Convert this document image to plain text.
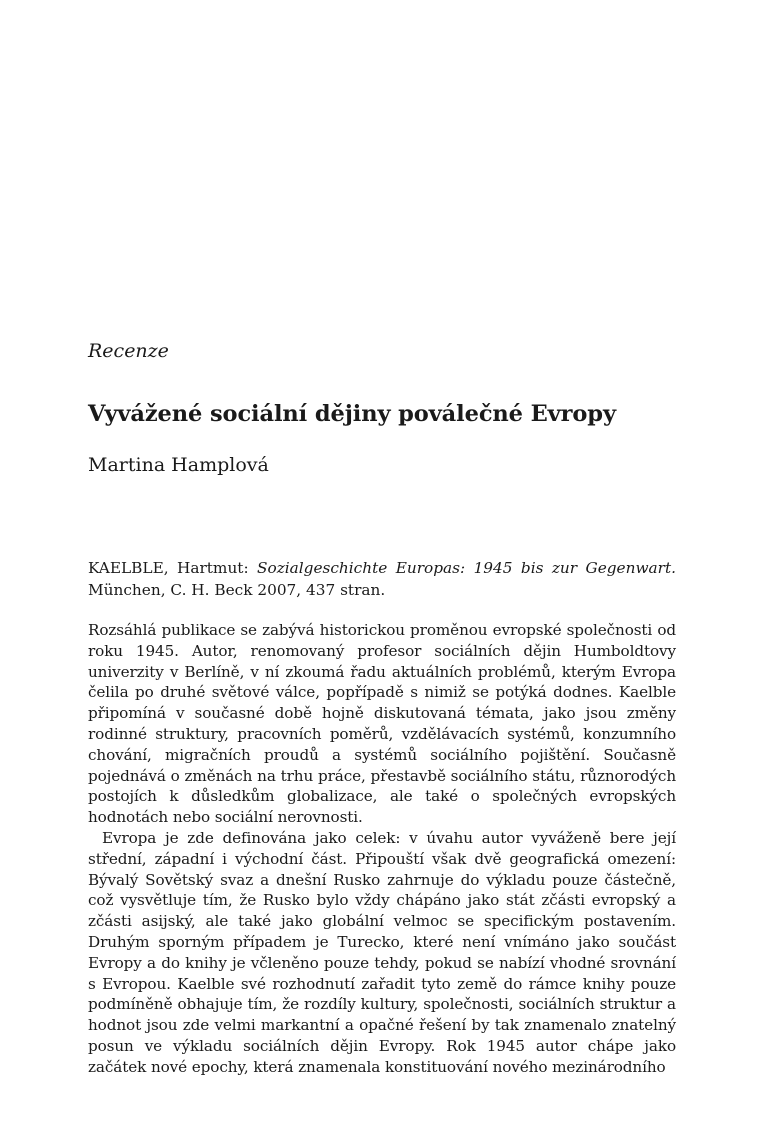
Recenze

Vyvážené sociální dějiny poválečné Evropy

Martina Hamplová

KAELBLE, Hartmut: Sozialgeschichte Europas: 1945 bis zur Gegenwart. München, C. H. Beck 2007, 437 stran.

Rozsáhlá publikace se zabývá historickou proměnou evropské společnosti od roku 1945. Autor, renomovaný profesor sociálních dějin Humboldtovy univerzity v Berlíně, v ní zkoumá řadu aktuálních problémů, kterým Evropa čelila po druhé světové válce, popřípadě s nimiž se potýká dodnes. Kaelble připomíná v současné době hojně diskutovaná témata, jako jsou změny rodinné struktury, pracovních poměrů, vzdělávacích systémů, konzumního chování, migračních proudů a systémů sociálního pojištění. Současně pojednává o změnách na trhu práce, přestavbě sociálního státu, různorodých postojích k důsledkům globalizace, ale také o společných evropských hodnotách nebo sociální nerovnosti.

Evropa je zde definována jako celek: v úvahu autor vyváženě bere její střední, západní i východní část. Připouští však dvě geografická omezení: Bývalý Sovětský svaz a dnešní Rusko zahrnuje do výkladu pouze částečně, což vysvětluje tím, že Rusko bylo vždy chápáno jako stát zčásti evropský a zčásti asijský, ale také jako globální velmoc se specifickým postavením. Druhým sporným případem je Turecko, které není vnímáno jako součást Evropy a do knihy je včleněno pouze tehdy, pokud se nabízí vhodné srovnání s Evropou. Kaelble své rozhodnutí zařadit tyto země do rámce knihy pouze podmíněně obhajuje tím, že rozdíly kultury, společnosti, sociálních struktur a hodnot jsou zde velmi markantní a opačné řešení by tak znamenalo znatelný posun ve výkladu sociálních dějin Evropy. Rok 1945 autor chápe jako začátek nové epochy, která znamenala konstituování nového mezinárodního
